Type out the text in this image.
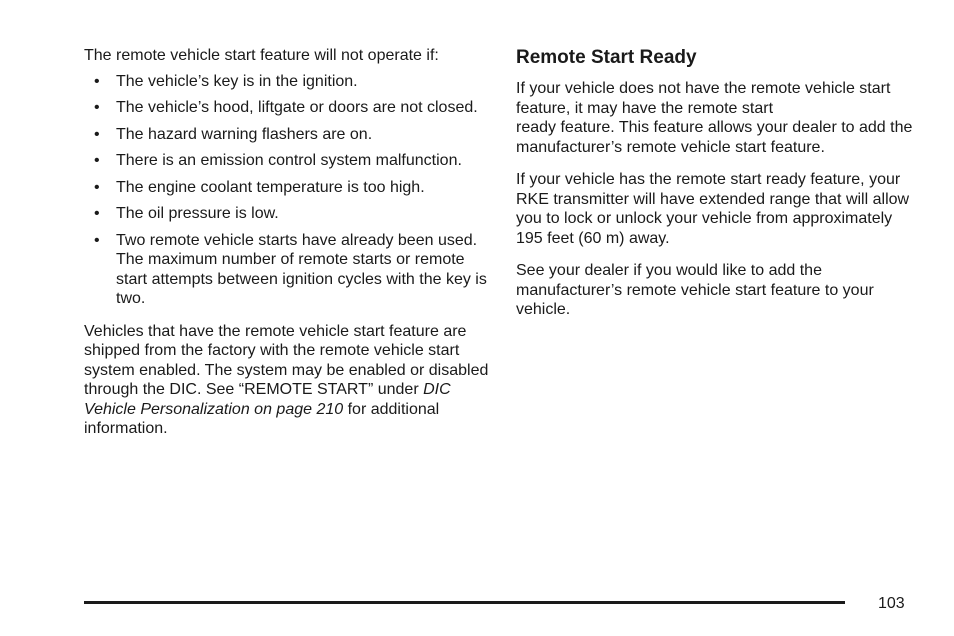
The remote vehicle start feature will not operate if:

• The vehicle’s key is in the ignition.
• The vehicle’s hood, liftgate or doors are not closed.
• The hazard warning flashers are on.
• There is an emission control system malfunction.
• The engine coolant temperature is too high.
• The oil pressure is low.
• Two remote vehicle starts have already been used. The maximum number of remote starts or remote start attempts between ignition cycles with the key is two.

Vehicles that have the remote vehicle start feature are shipped from the factory with the remote vehicle start system enabled. The system may be enabled or disabled through the DIC. See “REMOTE START” under DIC Vehicle Personalization on page 210 for additional information.

Remote Start Ready

If your vehicle does not have the remote vehicle start feature, it may have the remote start
ready feature. This feature allows your dealer to add the manufacturer’s remote vehicle start feature.

If your vehicle has the remote start ready feature, your RKE transmitter will have extended range that will allow you to lock or unlock your vehicle from approximately 195 feet (60 m) away.

See your dealer if you would like to add the manufacturer’s remote vehicle start feature to your vehicle.

103
